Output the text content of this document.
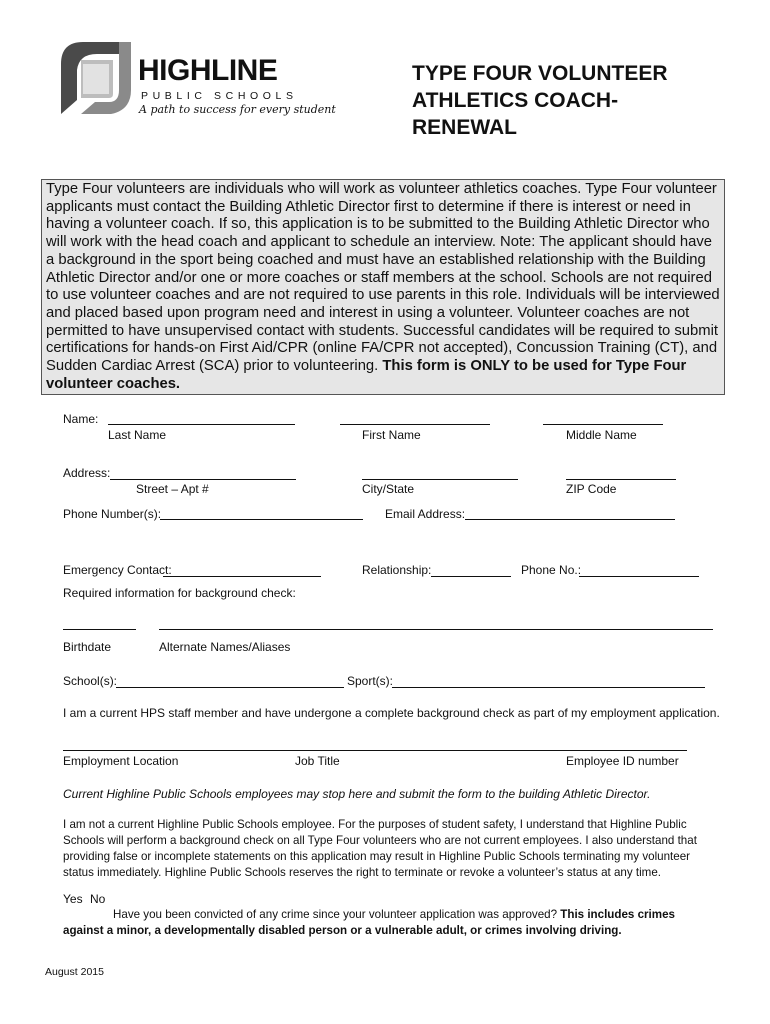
HIGHLINE
PUBLIC SCHOOLS
A path to success for every student
TYPE FOUR VOLUNTEER
ATHLETICS COACH-
RENEWAL
Type Four volunteers are individuals who will work as volunteer athletics coaches. Type Four volunteer applicants must contact the Building Athletic Director first to determine if there is interest or need in having a volunteer coach. If so, this application is to be submitted to the Building Athletic Director who will work with the head coach and applicant to schedule an interview. Note: The applicant should have a background in the sport being coached and must have an established relationship with the Building Athletic Director and/or one or more coaches or staff members at the school. Schools are not required to use volunteer coaches and are not required to use parents in this role. Individuals will be interviewed and placed based upon program need and interest in using a volunteer. Volunteer coaches are not permitted to have unsupervised contact with students. Successful candidates will be required to submit certifications for hands-on First Aid/CPR (online FA/CPR not accepted), Concussion Training (CT), and Sudden Cardiac Arrest (SCA) prior to volunteering. This form is ONLY to be used for Type Four volunteer coaches.
Name:
Last Name	First Name	Middle Name
Address:
Street – Apt #	City/State	ZIP Code
Phone Number(s):	Email Address:
Emergency Contact:	Relationship:	Phone No.:
Required information for background check:
Birthdate	Alternate Names/Aliases
School(s):	Sport(s):
I am a current HPS staff member and have undergone a complete background check as part of my employment application.
Employment Location	Job Title	Employee ID number
Current Highline Public Schools employees may stop here and submit the form to the building Athletic Director.
I am not a current Highline Public Schools employee. For the purposes of student safety, I understand that Highline Public Schools will perform a background check on all Type Four volunteers who are not current employees. I also understand that providing false or incomplete statements on this application may result in Highline Public Schools terminating my volunteer status immediately. Highline Public Schools reserves the right to terminate or revoke a volunteer’s status at any time.
Yes No
Have you been convicted of any crime since your volunteer application was approved? This includes crimes against a minor, a developmentally disabled person or a vulnerable adult, or crimes involving driving.
August 2015
